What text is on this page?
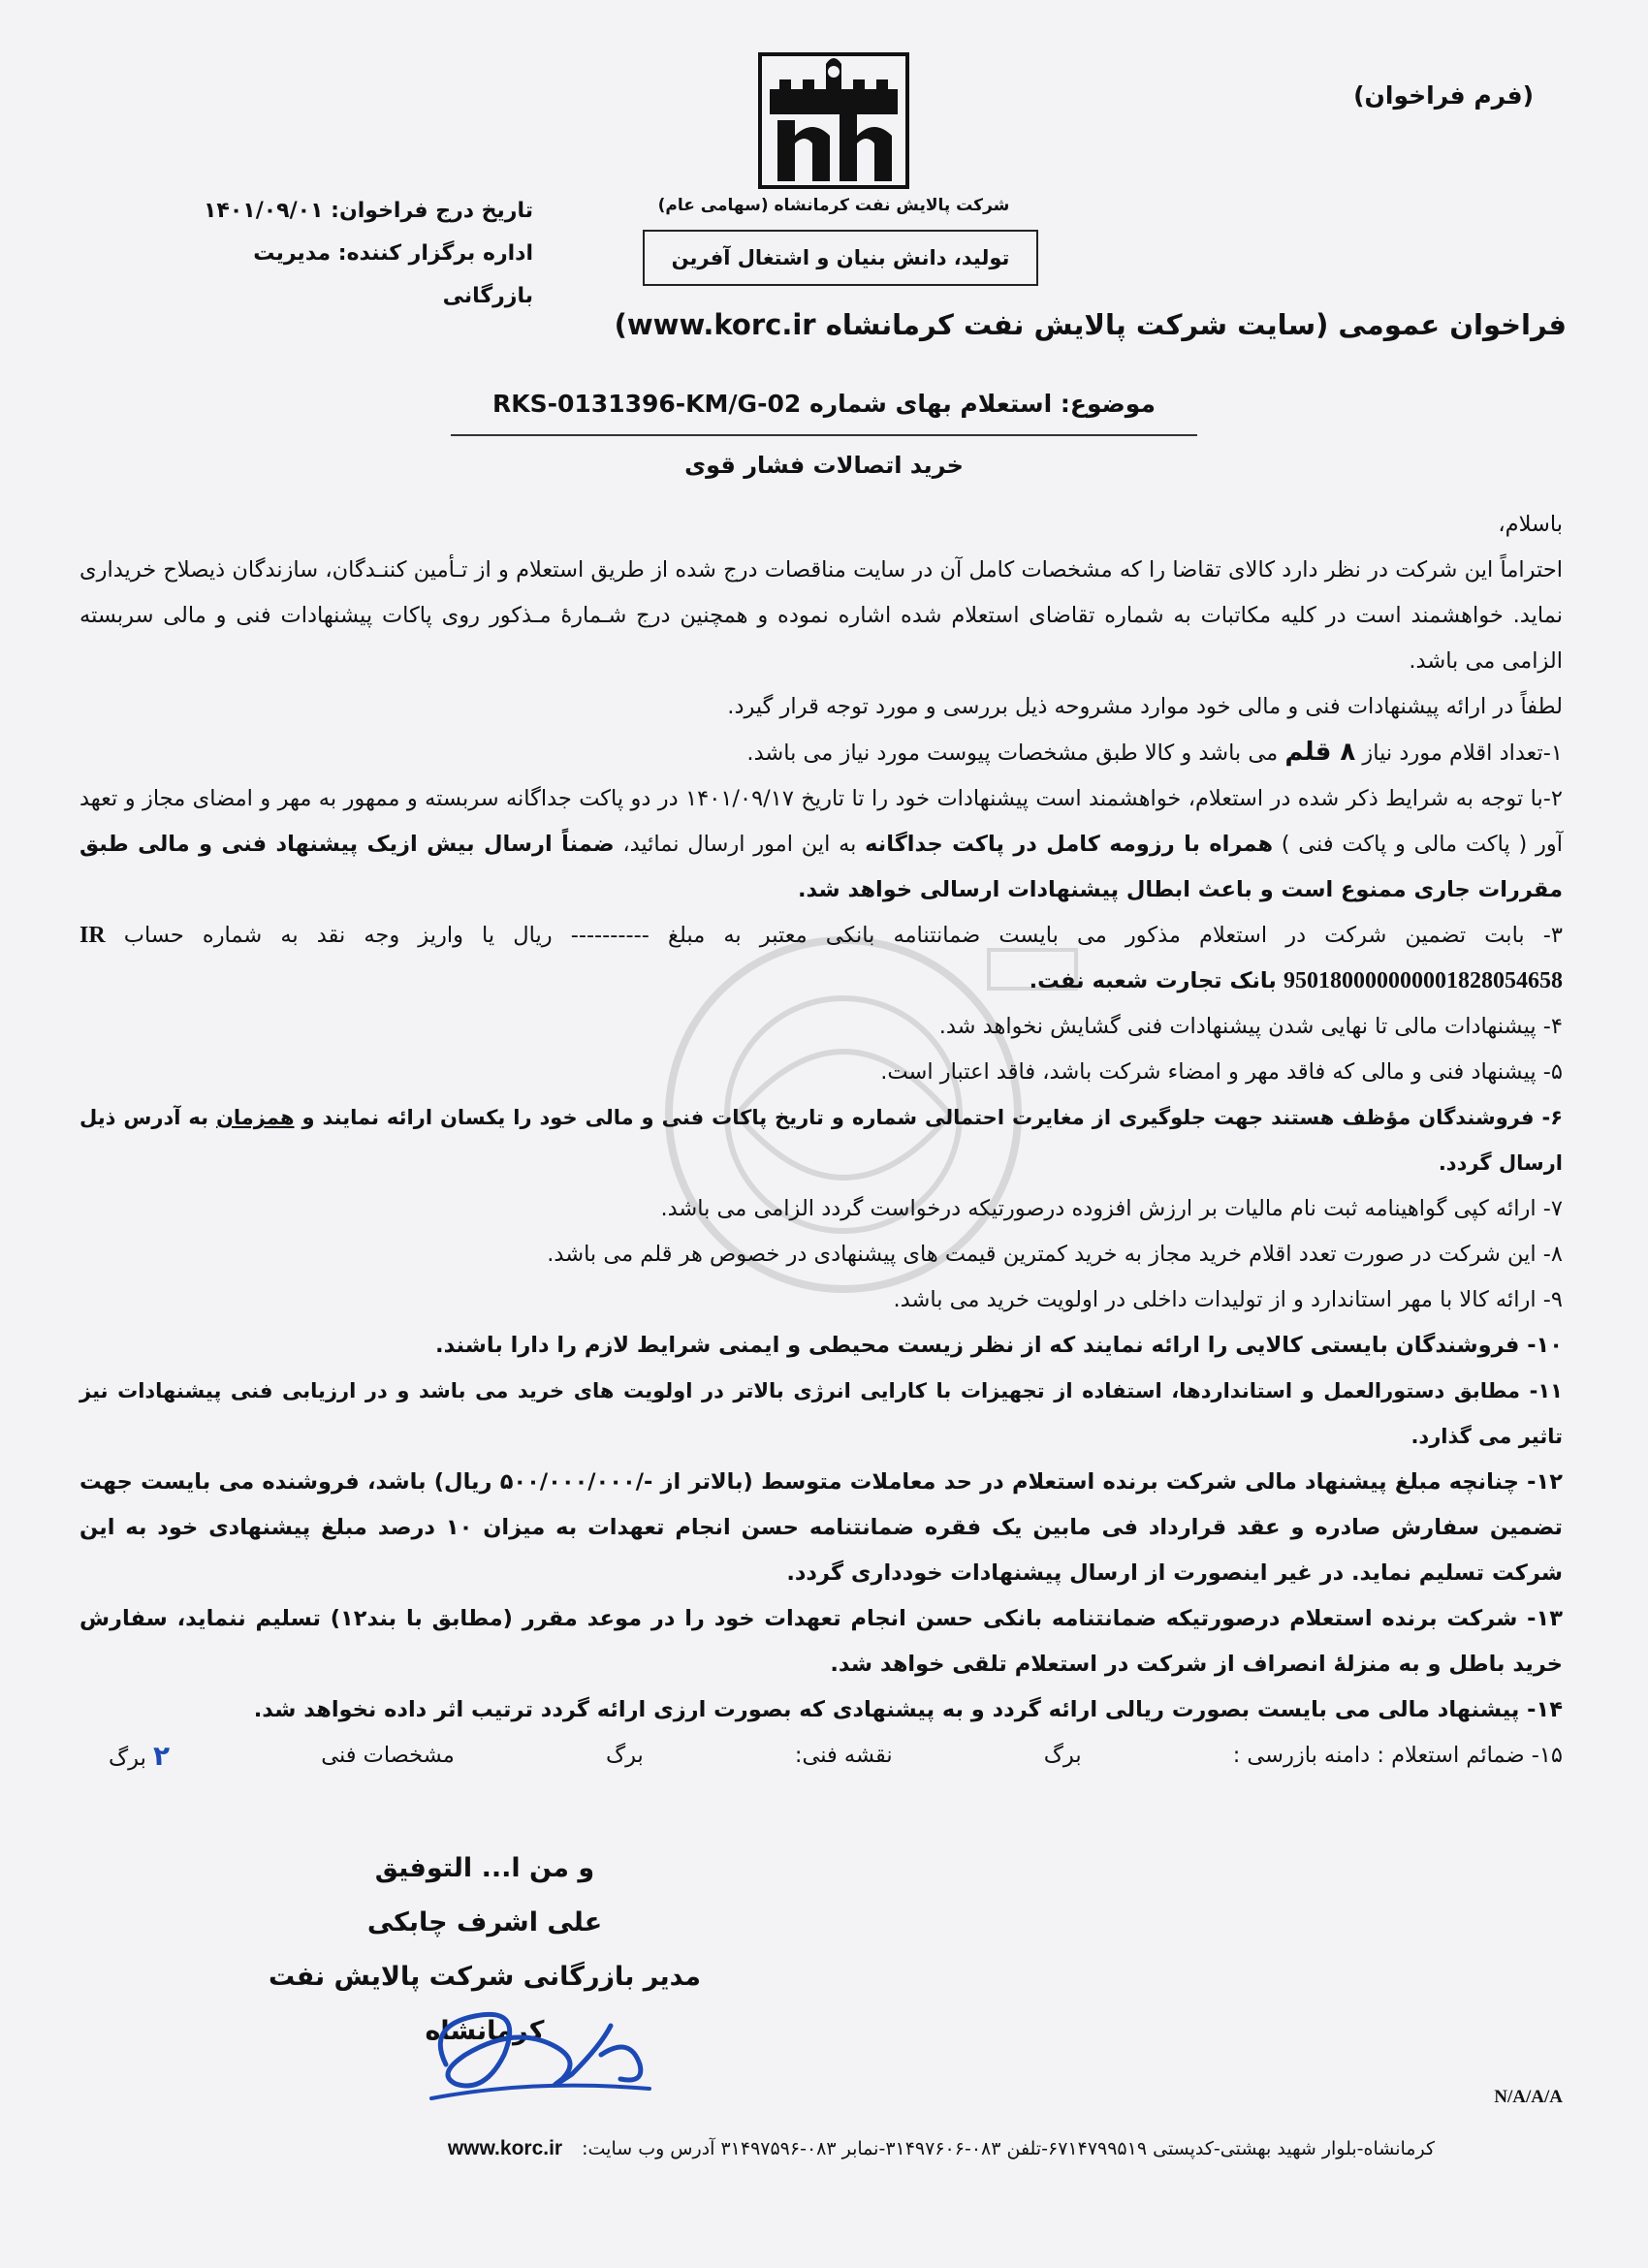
(فرم فراخوان)
شرکت پالایش نفت کرمانشاه (سهامی عام)
تولید، دانش بنیان و اشتغال آفرین
تاریخ درج فراخوان: ۱۴۰۱/۰۹/۰۱
اداره برگزار کننده: مدیریت بازرگانی
فراخوان عمومی (سایت شرکت پالایش نفت کرمانشاه www.korc.ir)
موضوع: استعلام بهای شماره RKS-0131396-KM/G-02
خرید اتصالات فشار قوی

باسلام،

احتراماً این شرکت در نظر دارد کالای تقاضا را که مشخصات کامل آن در سایت مناقصات درج شده از طریق استعلام و از تـأمین کننـدگان، سازندگان ذیصلاح خریداری نماید. خواهشمند است در کلیه مکاتبات به شماره تقاضای استعلام شده اشاره نموده و همچنین درج شـمارهٔ مـذکور روی پاکات پیشنهادات فنی و مالی سربسته الزامی می باشد.

لطفاً در ارائه پیشنهادات فنی و مالی خود موارد مشروحه ذیل بررسی و مورد توجه قرار گیرد.

۱-تعداد اقلام مورد نیاز ۸ قلم می باشد و کالا طبق مشخصات پیوست مورد نیاز می باشد.

۲-با توجه به شرایط ذکر شده در استعلام، خواهشمند است پیشنهادات خود را تا تاریخ ۱۴۰۱/۰۹/۱۷ در دو پاکت جداگانه سربسته و ممهور به مهر و امضای مجاز و تعهد آور ( پاکت مالی و پاکت فنی ) همراه با رزومه کامل در پاکت جداگانه به این امور ارسال نمائید، ضمناً ارسال بیش ازیک پیشنهاد فنی و مالی طبق مقررات جاری ممنوع است و باعث ابطال پیشنهادات ارسالی خواهد شد.

۳- بابت تضمین شرکت در استعلام مذکور می بایست ضمانتنامه بانکی معتبر به مبلغ ---------- ریال یا واریز وجه نقد به شماره حساب IR 950180000000001828054658 بانک تجارت شعبه نفت.

۴- پیشنهادات مالی تا نهایی شدن پیشنهادات فنی گشایش نخواهد شد.

۵- پیشنهاد فنی و مالی که فاقد مهر و امضاء شرکت باشد، فاقد اعتبار است.

۶- فروشندگان مؤظف هستند جهت جلوگیری از مغایرت احتمالی شماره و تاریخ پاکات فنی و مالی خود را یکسان ارائه نمایند و همزمان به آدرس ذیل ارسال گردد.

۷- ارائه کپی گواهینامه ثبت نام مالیات بر ارزش افزوده درصورتیکه درخواست گردد الزامی می باشد.

۸- این شرکت در صورت تعدد اقلام خرید مجاز به خرید کمترین قیمت های پیشنهادی در خصوص هر قلم می باشد.

۹- ارائه کالا با مهر استاندارد و از تولیدات داخلی در اولویت خرید می باشد.

۱۰- فروشندگان بایستی کالایی را ارائه نمایند که از نظر زیست محیطی و ایمنی شرایط لازم را دارا باشند.

۱۱- مطابق دستورالعمل و استانداردها، استفاده از تجهیزات با کارایی انرژی بالاتر در اولویت های خرید می باشد و در ارزیابی فنی پیشنهادات نیز تاثیر می گذارد.

۱۲- چنانچه مبلغ پیشنهاد مالی شرکت برنده استعلام در حد معاملات متوسط (بالاتر از -/۵۰۰/۰۰۰/۰۰۰ ریال) باشد، فروشنده می بایست جهت تضمین سفارش صادره و عقد قرارداد فی مابین یک فقره ضمانتنامه حسن انجام تعهدات به میزان ۱۰ درصد مبلغ پیشنهادی خود به این شرکت تسلیم نماید. در غیر اینصورت از ارسال پیشنهادات خودداری گردد.

۱۳- شرکت برنده استعلام درصورتیکه ضمانتنامه بانکی حسن انجام تعهدات خود را در موعد مقرر (مطابق با بند۱۲) تسلیم ننماید، سفارش خرید باطل و به منزلهٔ انصراف از شرکت در استعلام تلقی خواهد شد.

۱۴- پیشنهاد مالی می بایست بصورت ریالی ارائه گردد و به پیشنهادی که بصورت ارزی ارائه گردد ترتیب اثر داده نخواهد شد.

۱۵- ضمائم استعلام : دامنه بازرسی :
برگ
نقشه فنی:
برگ
مشخصات فنی
۲ برگ
و من ا... التوفیق
علی اشرف چابکی
مدیر بازرگانی شرکت پالایش نفت کرمانشاه
N/A/A/A
کرمانشاه-بلوار شهید بهشتی-کدپستی ۶۷۱۴۷۹۹۵۱۹-تلفن ۰۸۳-۳۱۴۹۷۶۰۶-نمابر ۰۸۳-۳۱۴۹۷۵۹۶ آدرس وب سایت:
www.korc.ir
